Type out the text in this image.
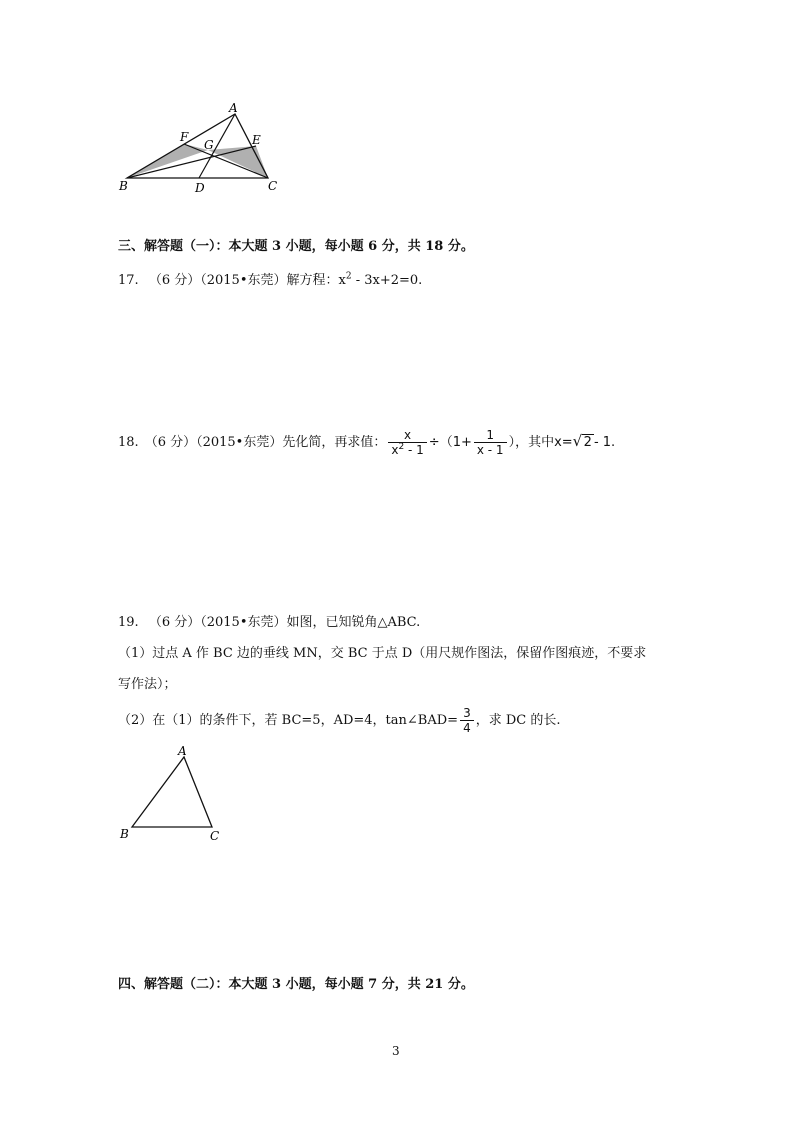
A
B	C
D
E
F
G
三、解答题（一）：本大题 3 小题，每小题 6 分，共 18 分。
17. （6 分）（2015•东莞）解方程：$x^2 - 3x+2=0$.
18. （6 分）（2015•东莞）先化简，再求值： $\frac{x}{x^2 - 1} \div (1+ \frac{1}{x - 1}$ ），其中 x= √ 2 - 1.
19. （6 分）（2015•东莞）如图，已知锐角△ABC.
（1）过点 A 作 BC 边的垂线 MN，交 BC 于点 D（用尺规作图法，保留作图痕迹，不要求
写作法）；
（2）在（1）的条件下，若 BC=5，AD=4，tan∠BAD= $\frac{3}{4}$ ，求 DC 的长.
A
B	C
四、解答题（二）：本大题 3 小题，每小题 7 分，共 21 分。
3
